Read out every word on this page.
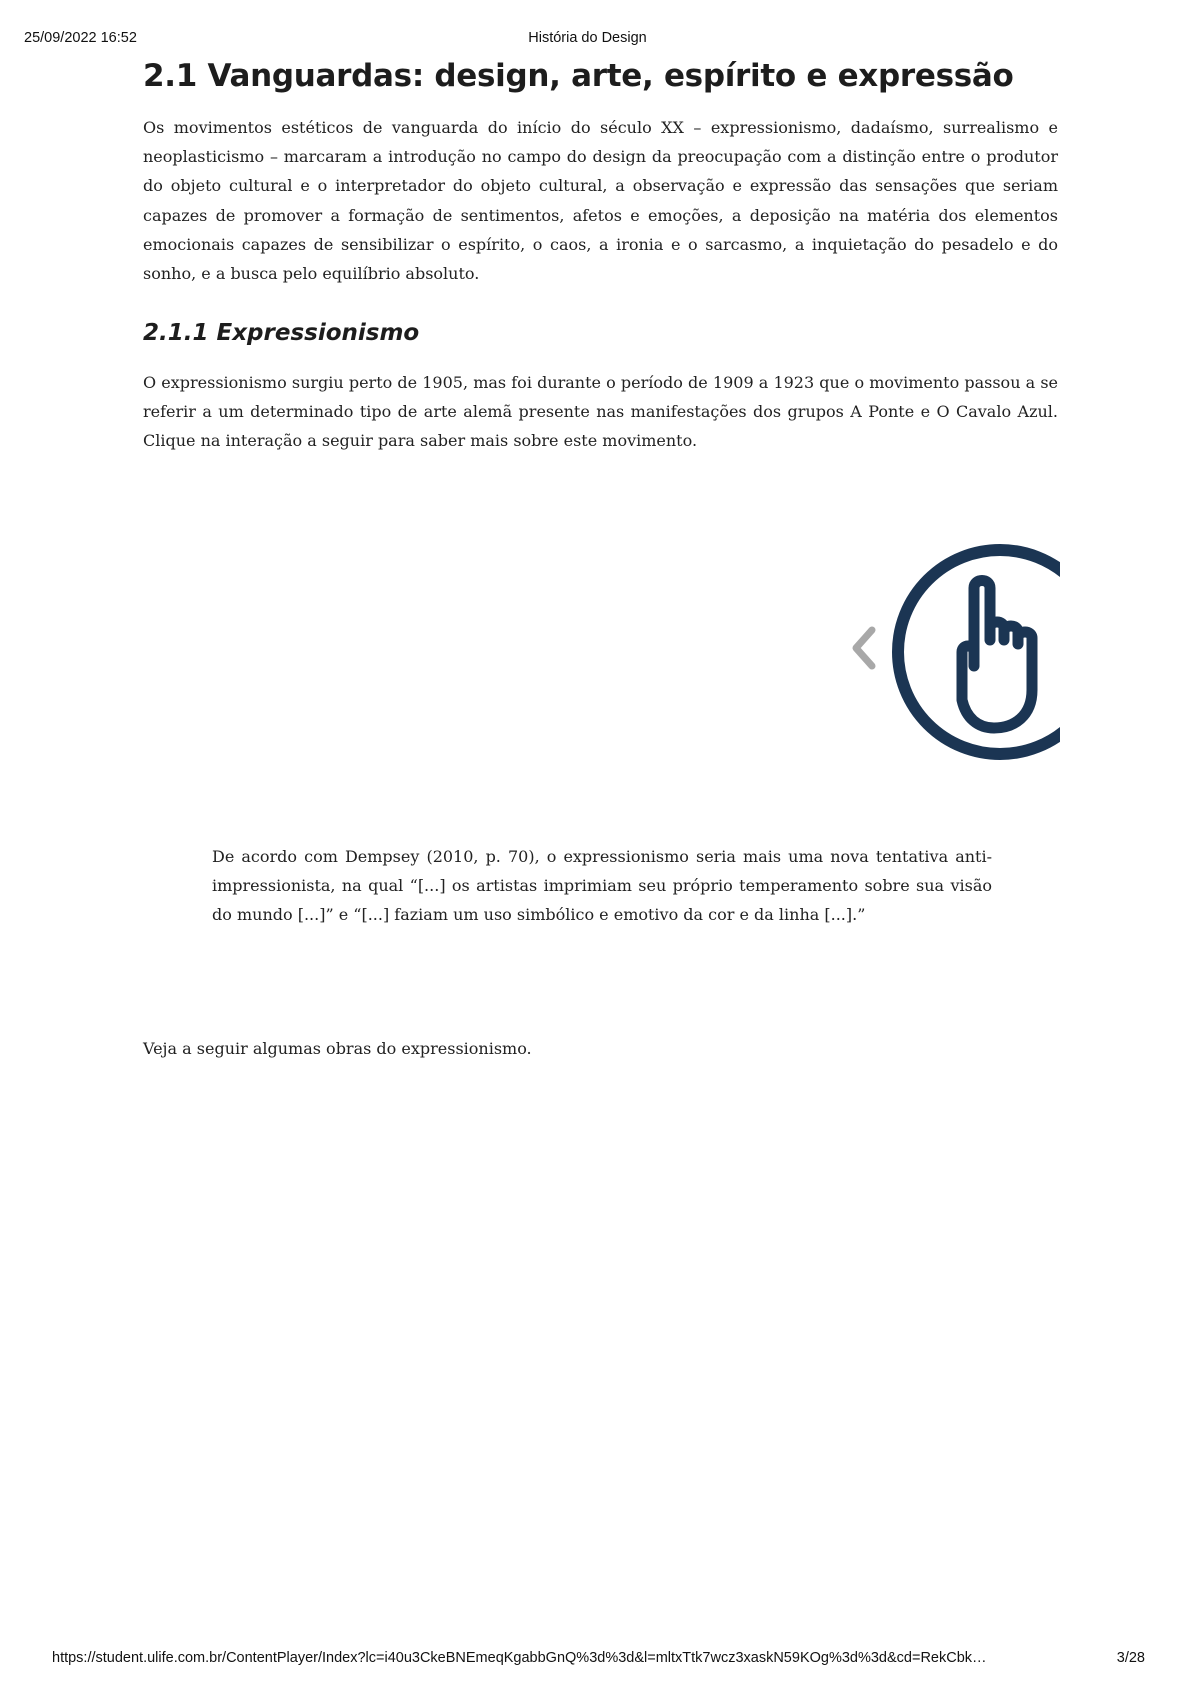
25/09/2022 16:52	História do Design
2.1 Vanguardas: design, arte, espírito e expressão

Os movimentos estéticos de vanguarda do início do século XX – expressionismo, dadaísmo, surrealismo e neoplasticismo – marcaram a introdução no campo do design da preocupação com a distinção entre o produtor do objeto cultural e o interpretador do objeto cultural, a observação e expressão das sensações que seriam capazes de promover a formação de sentimentos, afetos e emoções, a deposição na matéria dos elementos emocionais capazes de sensibilizar o espírito, o caos, a ironia e o sarcasmo, a inquietação do pesadelo e do sonho, e a busca pelo equilíbrio absoluto.

2.1.1 Expressionismo

O expressionismo surgiu perto de 1905, mas foi durante o período de 1909 a 1923 que o movimento passou a se referir a um determinado tipo de arte alemã presente nas manifestações dos grupos A Ponte e O Cavalo Azul. Clique na interação a seguir para saber mais sobre este movimento.

De acordo com Dempsey (2010, p. 70), o expressionismo seria mais uma nova tentativa anti-impressionista, na qual “[...] os artistas imprimiam seu próprio temperamento sobre sua visão do mundo [...]” e “[...] faziam um uso simbólico e emotivo da cor e da linha [...].”

Veja a seguir algumas obras do expressionismo.

https://student.ulife.com.br/ContentPlayer/Index?lc=i40u3CkeBNEmeqKgabbGnQ%3d%3d&l=mltxTtk7wcz3xaskN59KOg%3d%3d&cd=RekCbk…	3/28
